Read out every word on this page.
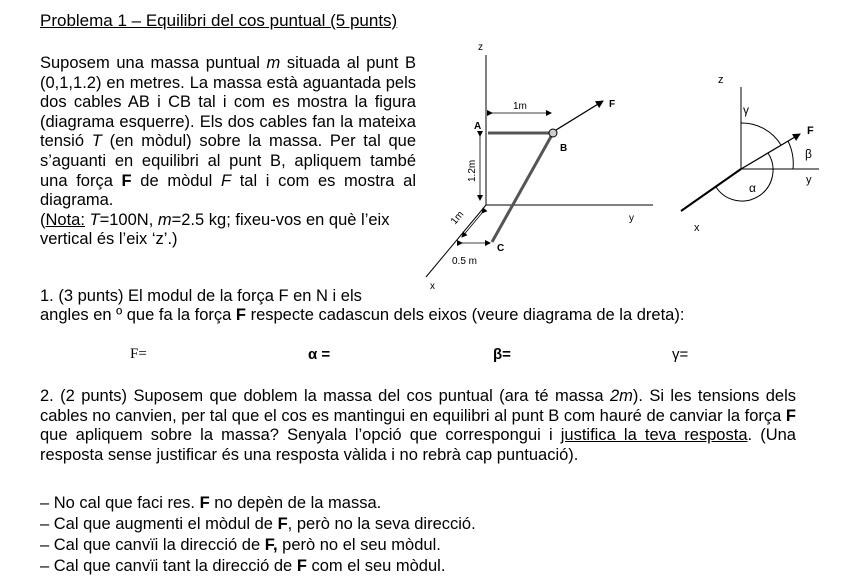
Problema 1 – Equilibri del cos puntual (5 punts)

Suposem una massa puntual m situada al punt B (0,1,1.2) en metres. La massa està aguantada pels dos cables AB i CB tal i com es mostra la figura (diagrama esquerre). Els dos cables fan la mateixa tensió T (en mòdul) sobre la massa. Per tal que s’aguanti en equilibri al punt B, apliquem també una força F de mòdul F tal i com es mostra al diagrama.

(Nota: T=100N, m=2.5 kg; fixeu-vos en què l’eix vertical és l’eix ‘z’.)

1. (3 punts) El modul de la força F en N i els
angles en º que fa la força F respecte cadascun dels eixos (veure diagrama de la dreta):
F=	α =	β=	γ=

2. (2 punts) Suposem que doblem la massa del cos puntual (ara té massa 2m). Si les tensions dels cables no canvien, per tal que el cos es mantingui en equilibri al punt B com hauré de canviar la força F que apliquem sobre la massa? Senyala l’opció que correspongui i justifica la teva resposta. (Una resposta sense justificar és una resposta vàlida i no rebrà cap puntuació).

– No cal que faci res. F no depèn de la massa.
– Cal que augmenti el mòdul de F, però no la seva direcció.
– Cal que canvïi la direcció de F, però no el seu mòdul.
– Cal que canvïi tant la direcció de F com el seu mòdul.
z
y
x
F
A
B
C
1m
1.2m
1m
0.5 m
z
y
x
F
γ
β
α
